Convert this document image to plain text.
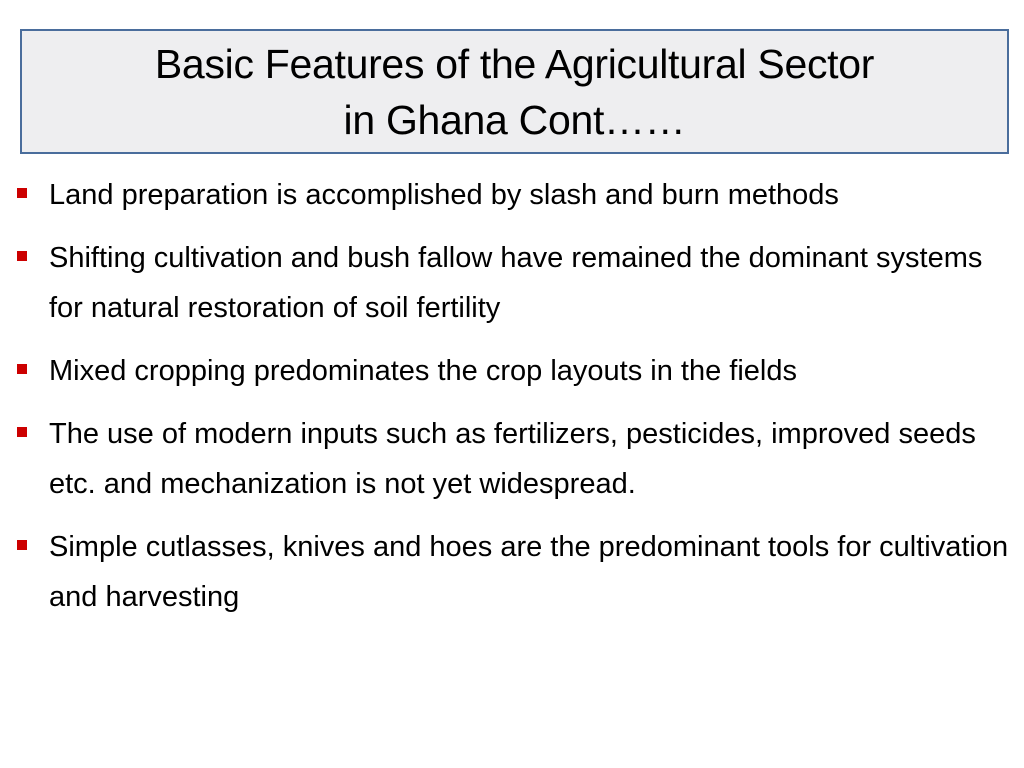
Basic Features of the Agricultural Sector
in Ghana Cont……
Land preparation is accomplished by slash and burn methods
Shifting cultivation and bush fallow have remained the dominant systems for natural restoration of soil fertility
Mixed cropping predominates the crop layouts in the fields
The use of modern inputs such as fertilizers, pesticides, improved seeds etc. and mechanization is not yet widespread.
Simple cutlasses, knives and hoes are the predominant tools for cultivation and harvesting
